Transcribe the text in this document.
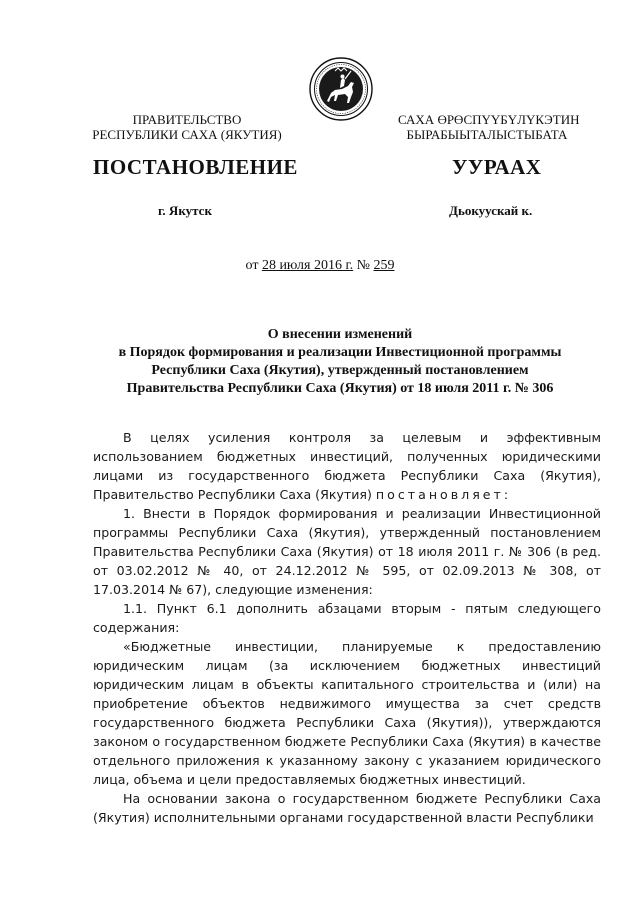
ПРАВИТЕЛЬСТВО
РЕСПУБЛИКИ САХА (ЯКУТИЯ)
САХА ӨРӨСПҮҮБҮЛҮКЭТИН
БЫРАБЫЫТАЛЫСТЫБАТА
ПОСТАНОВЛЕНИЕ	УУРААХ
г. Якутск	Дьокуускай к.
от 28 июля 2016 г. № 259
О внесении изменений
в Порядок формирования и реализации Инвестиционной программы
Республики Саха (Якутия), утвержденный постановлением
Правительства Республики Саха (Якутия) от 18 июля 2011 г. № 306

В целях усиления контроля за целевым и эффективным использованием бюджетных инвестиций, полученных юридическими лицами из государственного бюджета Республики Саха (Якутия), Правительство Республики Саха (Якутия) постановляет:

1. Внести в Порядок формирования и реализации Инвестиционной программы Республики Саха (Якутия), утвержденный постановлением Правительства Республики Саха (Якутия) от 18 июля 2011 г. № 306 (в ред. от 03.02.2012 № 40, от 24.12.2012 № 595, от 02.09.2013 № 308, от 17.03.2014 № 67), следующие изменения:

1.1. Пункт 6.1 дополнить абзацами вторым - пятым следующего содержания:

«Бюджетные инвестиции, планируемые к предоставлению юридическим лицам (за исключением бюджетных инвестиций юридическим лицам в объекты капитального строительства и (или) на приобретение объектов недвижимого имущества за счет средств государственного бюджета Республики Саха (Якутия)), утверждаются законом о государственном бюджете Республики Саха (Якутия) в качестве отдельного приложения к указанному закону с указанием юридического лица, объема и цели предоставляемых бюджетных инвестиций.

На основании закона о государственном бюджете Республики Саха (Якутия) исполнительными органами государственной власти Республики
